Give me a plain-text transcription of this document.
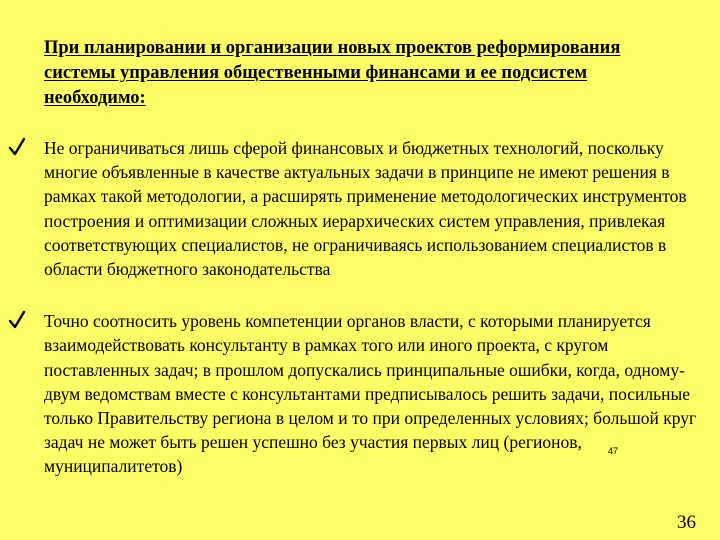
При планировании и организации новых проектов реформирования системы управления общественными финансами и ее подсистем необходимо:
Не ограничиваться лишь сферой финансовых и бюджетных технологий, поскольку многие объявленные в качестве актуальных задачи в принципе не имеют решения в рамках такой методологии, а расширять применение методологических инструментов построения и оптимизации сложных иерархических систем управления, привлекая соответствующих специалистов, не ограничиваясь использованием специалистов в области бюджетного законодательства
Точно соотносить уровень компетенции органов власти, с которыми планируется взаимодействовать консультанту в рамках того или иного проекта, с кругом поставленных задач; в прошлом допускались принципальные ошибки, когда, одному-двум ведомствам вместе с консультантами предписывалось решить задачи, посильные только Правительству региона в целом и то при определенных условиях; большой круг задач не может быть решен успешно без участия первых лиц (регионов, муниципалитетов)
47
36
